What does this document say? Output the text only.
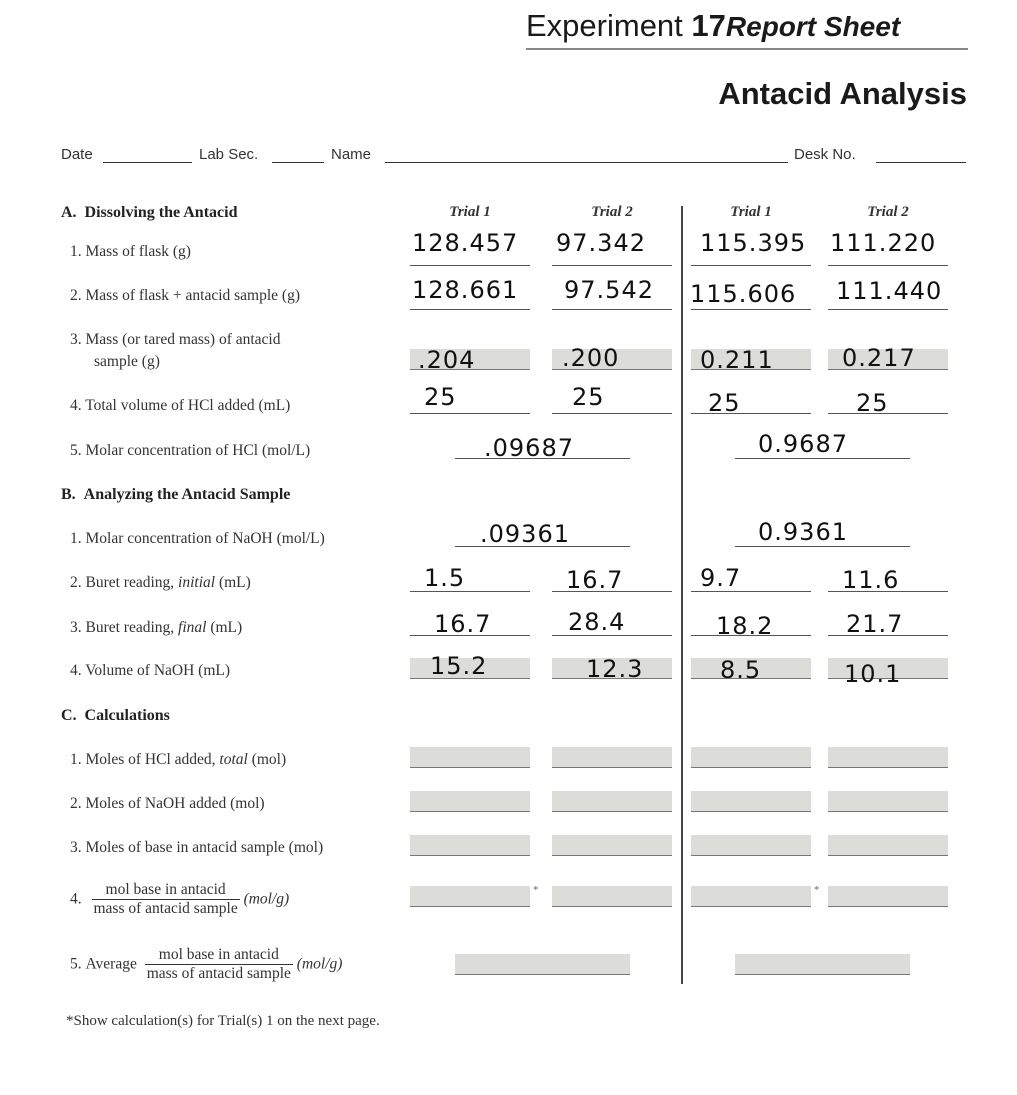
Experiment 17Report Sheet
Antacid Analysis
Date	Lab Sec.	Name	Desk No.
A. Dissolving the Antacid	Trial 1	Trial 2	Trial 1	Trial 2
1. Mass of flask (g)	128.457 97.342 115.395 111.220
2. Mass of flask + antacid sample (g)	128.661 97.542 115.606 111.440
3. Mass (or tared mass) of antacid
sample (g)	.204	.200	0.211	0.217
4. Total volume of HCl added (mL)	25	25	25	25
5. Molar concentration of HCl (mol/L)	.09687	0.9687
B. Analyzing the Antacid Sample
1. Molar concentration of NaOH (mol/L)	.09361	0.9361
2. Buret reading, initial (mL)	1.5	16.7	9.7	11.6
3. Buret reading, final (mL)	16.7	28.4	18.2	21.7
4. Volume of NaOH (mL)	15.2	12.3	8.5	10.1
C. Calculations
1. Moles of HCl added, total (mol)
2. Moles of NaOH added (mol)
3. Moles of base in antacid sample (mol)
4. $\frac{\text{mol base in antacid}}{\text{mass of antacid sample}} (mol/g)$
*	*
5. Average $\frac{\text{mol base in antacid}}{\text{mass of antacid sample}} (mol/g)$
*Show calculation(s) for Trial(s) 1 on the next page.
